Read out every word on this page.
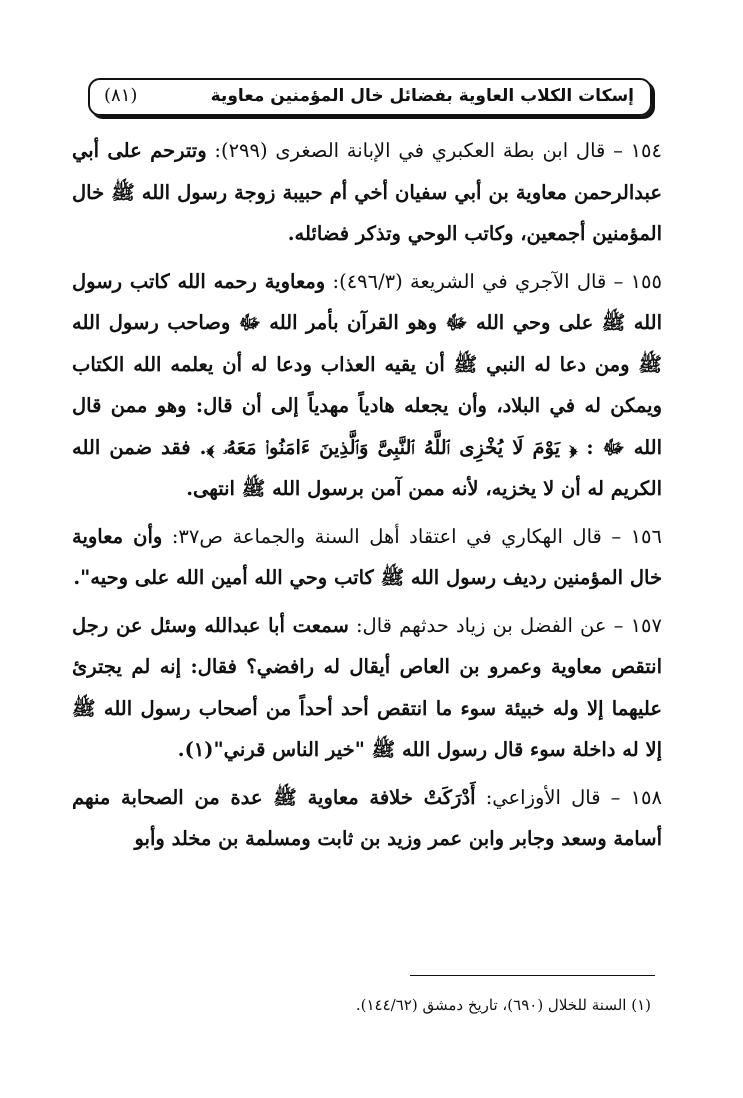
إسكات الكلاب العاوية بفضائل خال المؤمنين معاوية
(٨١)

١٥٤ – قال ابن بطة العكبري في الإبانة الصغرى (٢٩٩): وتترحم على أبي عبدالرحمن معاوية بن أبي سفيان أخي أم حبيبة زوجة رسول الله ﷺ خال المؤمنين أجمعين، وكاتب الوحي وتذكر فضائله.

١٥٥ – قال الآجري في الشريعة (٤٩٦/٣): ومعاوية رحمه الله كاتب رسول الله ﷺ على وحي الله ﷻ وهو القرآن بأمر الله ﷻ وصاحب رسول الله ﷺ ومن دعا له النبي ﷺ أن يقيه العذاب ودعا له أن يعلمه الله الكتاب ويمكن له في البلاد، وأن يجعله هادياً مهدياً إلى أن قال: وهو ممن قال الله ﷻ : ﴿ يَوْمَ لَا يُخْزِى ٱللَّهُ ٱلنَّبِىَّ وَٱلَّذِينَ ءَامَنُوا۟ مَعَهُۥ ﴾. فقد ضمن الله الكريم له أن لا يخزيه، لأنه ممن آمن برسول الله ﷺ انتهى.

١٥٦ – قال الهكاري في اعتقاد أهل السنة والجماعة ص٣٧: وأن معاوية خال المؤمنين رديف رسول الله ﷺ كاتب وحي الله أمين الله على وحيه".

١٥٧ – عن الفضل بن زياد حدثهم قال: سمعت أبا عبدالله وسئل عن رجل انتقص معاوية وعمرو بن العاص أيقال له رافضي؟ فقال: إنه لم يجترئ عليهما إلا وله خبيئة سوء ما انتقص أحد أحداً من أصحاب رسول الله ﷺ إلا له داخلة سوء قال رسول الله ﷺ "خير الناس قرني"(١).

١٥٨ – قال الأوزاعي: أَدْرَكَتْ خلافة معاوية ﷺ عدة من الصحابة منهم أسامة وسعد وجابر وابن عمر وزيد بن ثابت ومسلمة بن مخلد وأبو

(١) السنة للخلال (٦٩٠)، تاريخ دمشق (١٤٤/٦٢).
